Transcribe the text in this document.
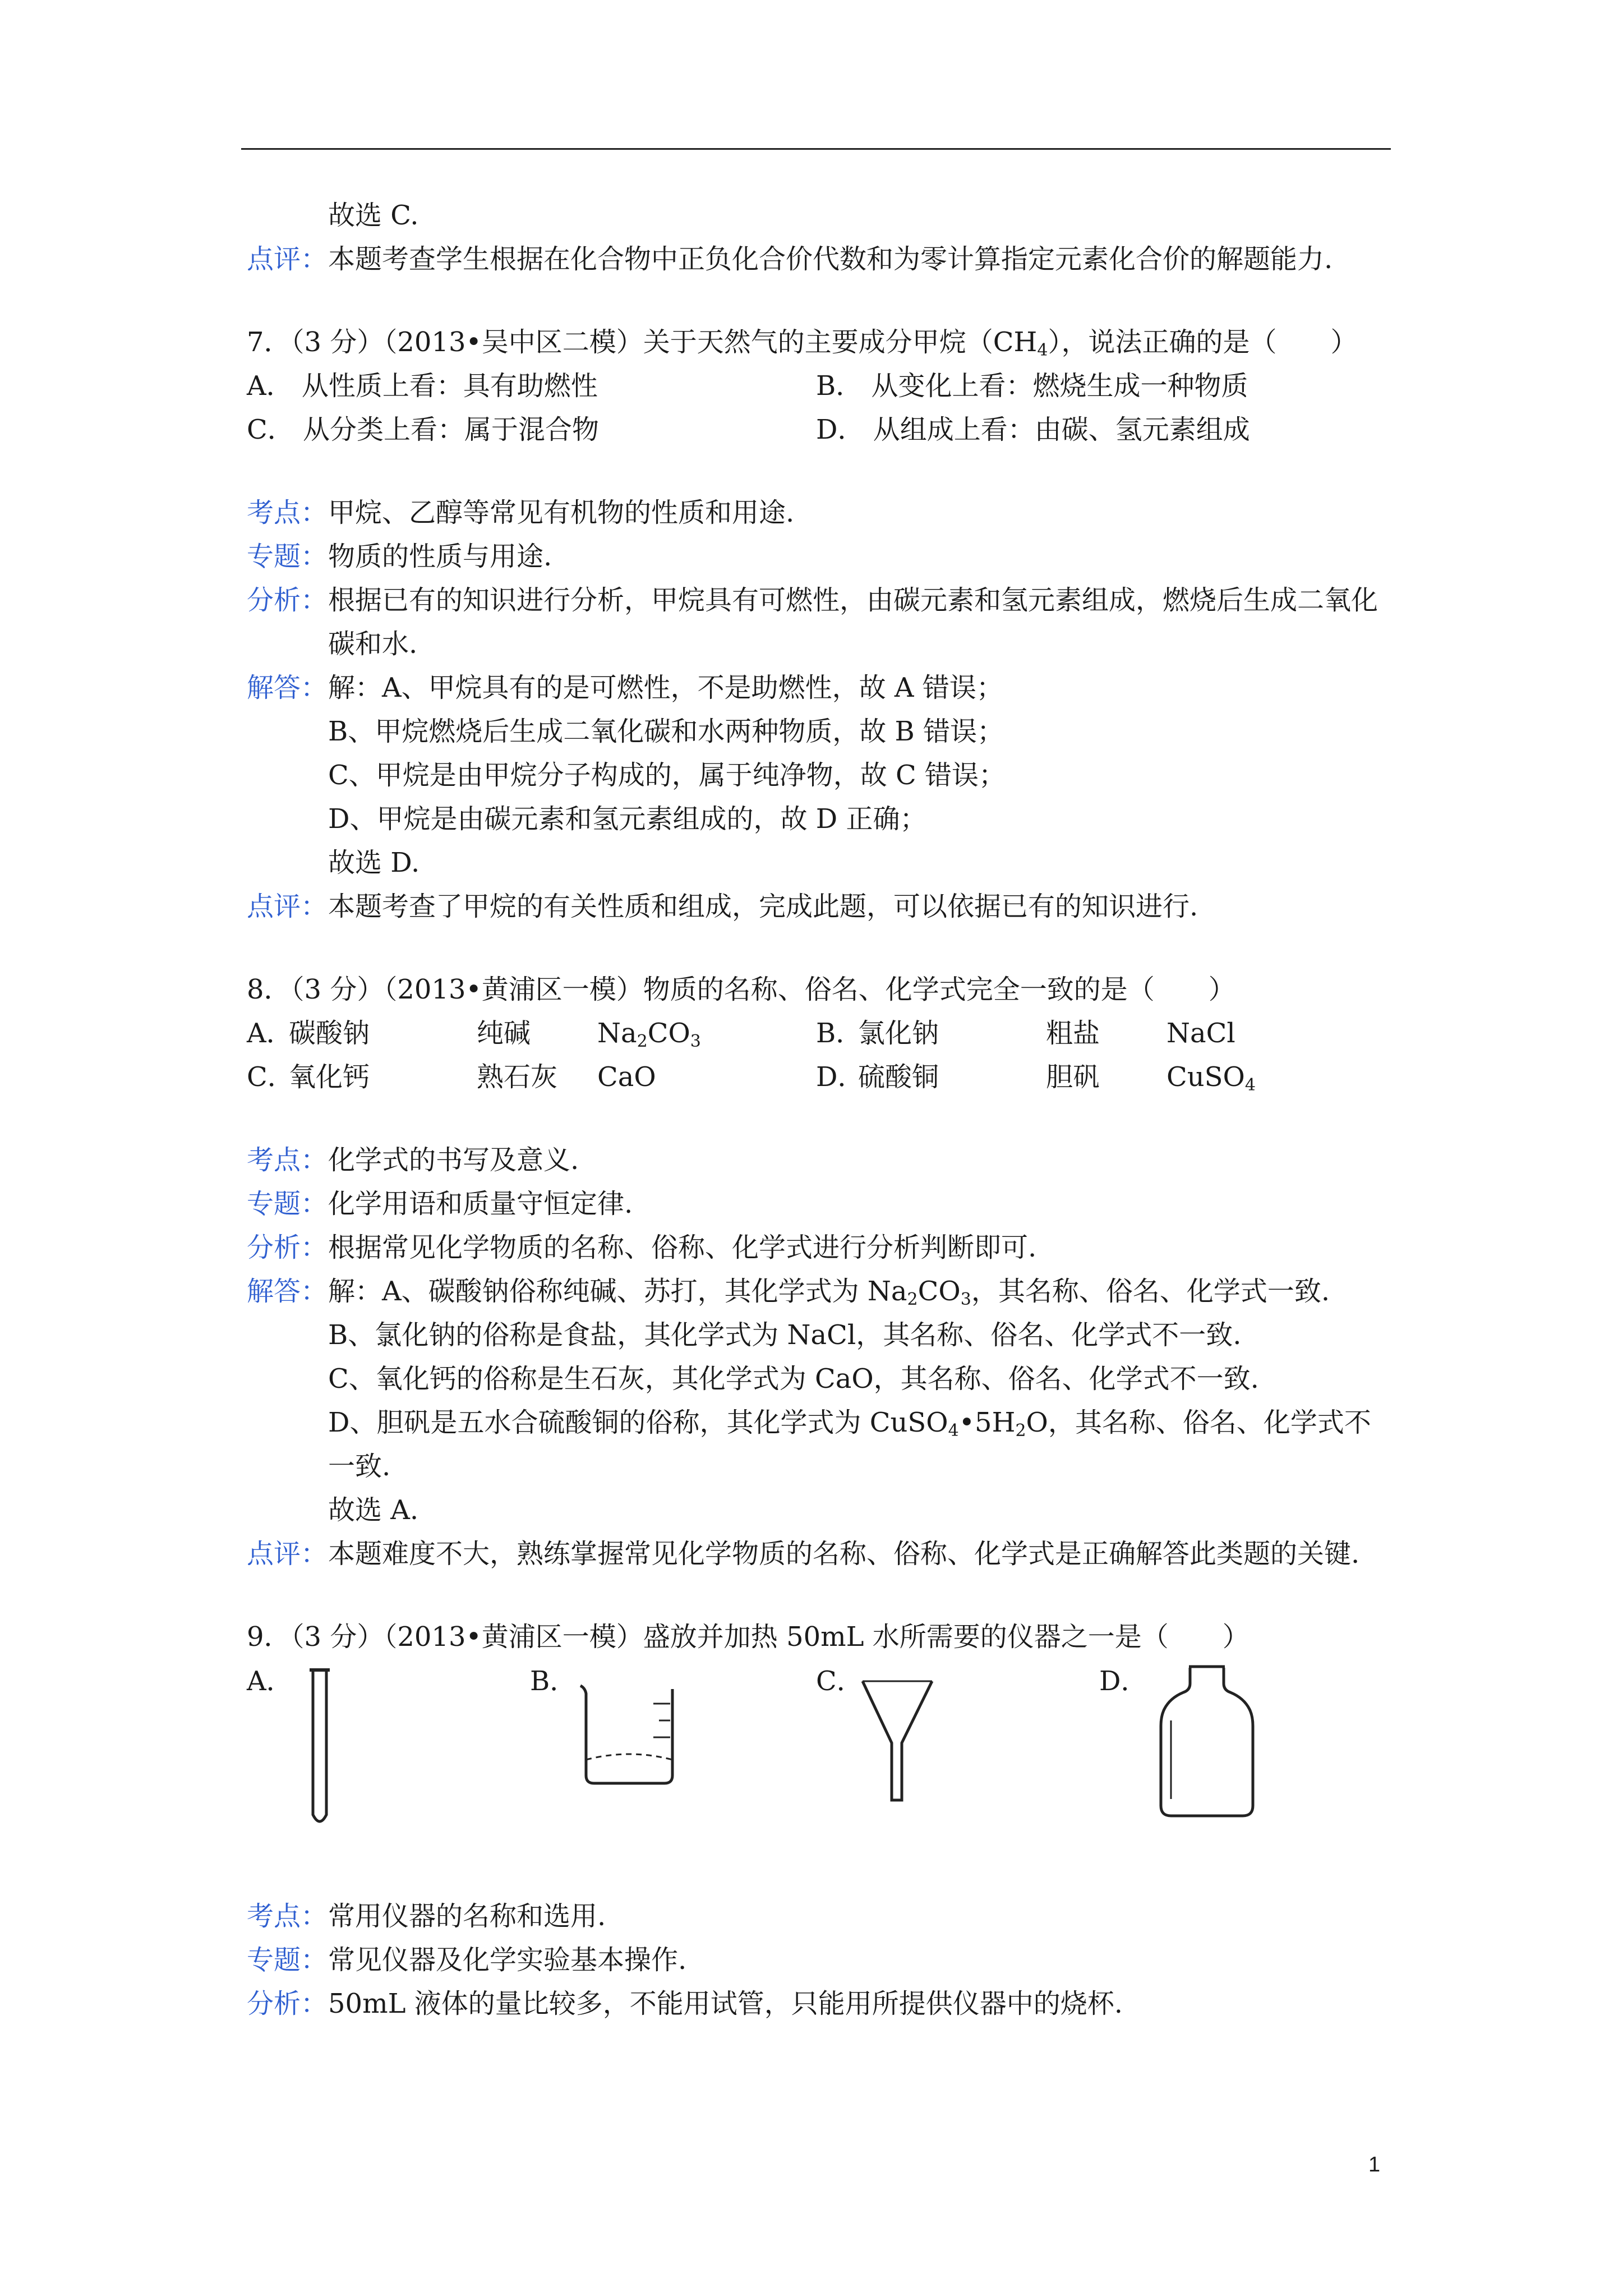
故选 C.
点评： 本题考查学生根据在化合物中正负化合价代数和为零计算指定元素化合价的解题能力.
7．（3 分）（2013•吴中区二模）关于天然气的主要成分甲烷$(CH_4)$，说法正确的是（　　）
A． 从性质上看：具有助燃性	B． 从变化上看：燃烧生成一种物质
C． 从分类上看：属于混合物	D． 从组成上看：由碳、氢元素组成
考点： 甲烷、乙醇等常见有机物的性质和用途.
专题： 物质的性质与用途.
分析： 根据已有的知识进行分析，甲烷具有可燃性，由碳元素和氢元素组成，燃烧后生成二氧化碳和水.
解答： 解：A、甲烷具有的是可燃性，不是助燃性，故 A 错误；
B、甲烷燃烧后生成二氧化碳和水两种物质，故 B 错误；
C、甲烷是由甲烷分子构成的，属于纯净物，故 C 错误；
D、甲烷是由碳元素和氢元素组成的，故 D 正确；
故选 D.
点评： 本题考查了甲烷的有关性质和组成，完成此题，可以依据已有的知识进行.
8．（3 分）（2013•黄浦区一模）物质的名称、俗名、化学式完全一致的是（　　）
A．碳酸钠	纯碱 $Na_2CO_3$	B．氯化钠	粗盐 NaCl
C．氧化钙	熟石灰 CaO	D．硫酸铜	胆矾 CuSO$_4$
考点： 化学式的书写及意义.
专题： 化学用语和质量守恒定律.
分析： 根据常见化学物质的名称、俗称、化学式进行分析判断即可.
解答： 解：A、碳酸钠俗称纯碱、苏打，其化学式为 $Na_2CO_3$，其名称、俗名、化学式一致.
B、氯化钠的俗称是食盐，其化学式为 NaCl，其名称、俗名、化学式不一致.
C、氧化钙的俗称是生石灰，其化学式为 CaO，其名称、俗名、化学式不一致.
D、胆矾是五水合硫酸铜的俗称，其化学式为 $CuSO_4•5H_2O$，其名称、俗名、化学式不一致.
故选 A.
点评： 本题难度不大，熟练掌握常见化学物质的名称、俗称、化学式是正确解答此类题的关键.
9．（3 分）（2013•黄浦区一模）盛放并加热 50mL 水所需要的仪器之一是（　　）
A．	B．	C．	D．
考点： 常用仪器的名称和选用.
专题： 常见仪器及化学实验基本操作.
分析： 50mL 液体的量比较多，不能用试管，只能用所提供仪器中的烧杯.
1
